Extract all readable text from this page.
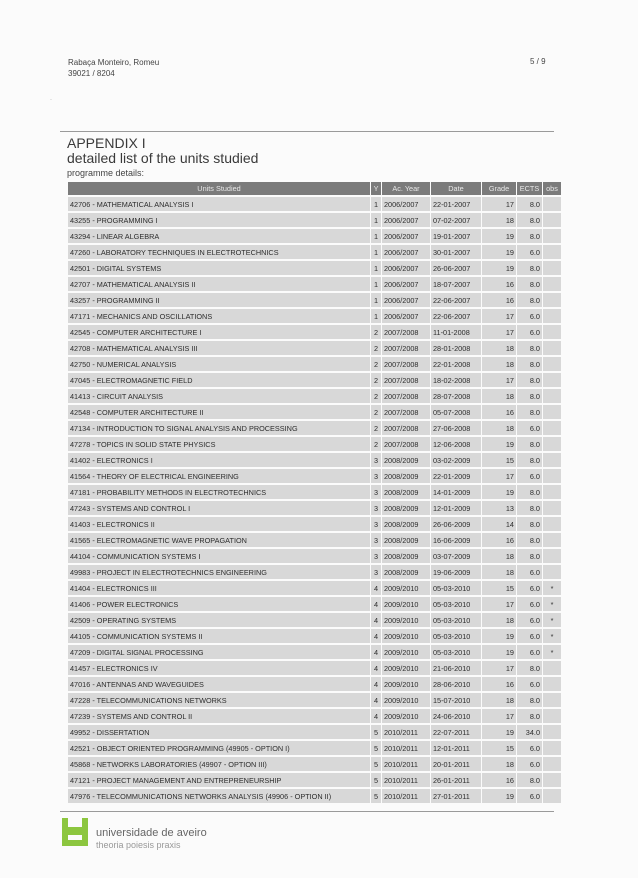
Rabaça Monteiro, Romeu
39021 / 8204
5 / 9
·
APPENDIX I
detailed list of the units studied
programme details:
Units Studied	Y	Ac. Year	Date	Grade	ECTS	obs
42706 - MATHEMATICAL ANALYSIS I	1	2006/2007	22-01-2007	17	8.0	
43255 - PROGRAMMING I	1	2006/2007	07-02-2007	18	8.0	
43294 - LINEAR ALGEBRA	1	2006/2007	19-01-2007	19	8.0	
47260 - LABORATORY TECHNIQUES IN ELECTROTECHNICS	1	2006/2007	30-01-2007	19	6.0	
42501 - DIGITAL SYSTEMS	1	2006/2007	26-06-2007	19	8.0	
42707 - MATHEMATICAL ANALYSIS II	1	2006/2007	18-07-2007	16	8.0	
43257 - PROGRAMMING II	1	2006/2007	22-06-2007	16	8.0	
47171 - MECHANICS AND OSCILLATIONS	1	2006/2007	22-06-2007	17	6.0	
42545 - COMPUTER ARCHITECTURE I	2	2007/2008	11-01-2008	17	6.0	
42708 - MATHEMATICAL ANALYSIS III	2	2007/2008	28-01-2008	18	8.0	
42750 - NUMERICAL ANALYSIS	2	2007/2008	22-01-2008	18	8.0	
47045 - ELECTROMAGNETIC FIELD	2	2007/2008	18-02-2008	17	8.0	
41413 - CIRCUIT ANALYSIS	2	2007/2008	28-07-2008	18	8.0	
42548 - COMPUTER ARCHITECTURE II	2	2007/2008	05-07-2008	16	8.0	
47134 - INTRODUCTION TO SIGNAL ANALYSIS AND PROCESSING	2	2007/2008	27-06-2008	18	6.0	
47278 - TOPICS IN SOLID STATE PHYSICS	2	2007/2008	12-06-2008	19	8.0	
41402 - ELECTRONICS I	3	2008/2009	03-02-2009	15	8.0	
41564 - THEORY OF ELECTRICAL ENGINEERING	3	2008/2009	22-01-2009	17	6.0	
47181 - PROBABILITY METHODS IN ELECTROTECHNICS	3	2008/2009	14-01-2009	19	8.0	
47243 - SYSTEMS AND CONTROL I	3	2008/2009	12-01-2009	13	8.0	
41403 - ELECTRONICS II	3	2008/2009	26-06-2009	14	8.0	
41565 - ELECTROMAGNETIC WAVE PROPAGATION	3	2008/2009	16-06-2009	16	8.0	
44104 - COMMUNICATION SYSTEMS I	3	2008/2009	03-07-2009	18	8.0	
49983 - PROJECT IN ELECTROTECHNICS ENGINEERING	3	2008/2009	19-06-2009	18	6.0	
41404 - ELECTRONICS III	4	2009/2010	05-03-2010	15	6.0	*
41406 - POWER ELECTRONICS	4	2009/2010	05-03-2010	17	6.0	*
42509 - OPERATING SYSTEMS	4	2009/2010	05-03-2010	18	6.0	*
44105 - COMMUNICATION SYSTEMS II	4	2009/2010	05-03-2010	19	6.0	*
47209 - DIGITAL SIGNAL PROCESSING	4	2009/2010	05-03-2010	19	6.0	*
41457 - ELECTRONICS IV	4	2009/2010	21-06-2010	17	8.0	
47016 - ANTENNAS AND WAVEGUIDES	4	2009/2010	28-06-2010	16	6.0	
47228 - TELECOMMUNICATIONS NETWORKS	4	2009/2010	15-07-2010	18	8.0	
47239 - SYSTEMS AND CONTROL II	4	2009/2010	24-06-2010	17	8.0	
49952 - DISSERTATION	5	2010/2011	22-07-2011	19	34.0	
42521 - OBJECT ORIENTED PROGRAMMING (49905 - OPTION I)	5	2010/2011	12-01-2011	15	6.0	
45868 - NETWORKS LABORATORIES (49907 - OPTION III)	5	2010/2011	20-01-2011	18	6.0	
47121 - PROJECT MANAGEMENT AND ENTREPRENEURSHIP	5	2010/2011	26-01-2011	16	8.0	
47976 - TELECOMMUNICATIONS NETWORKS ANALYSIS (49906 - OPTION II)	5	2010/2011	27-01-2011	19	6.0	
universidade de aveiro
theoria poiesis praxis
